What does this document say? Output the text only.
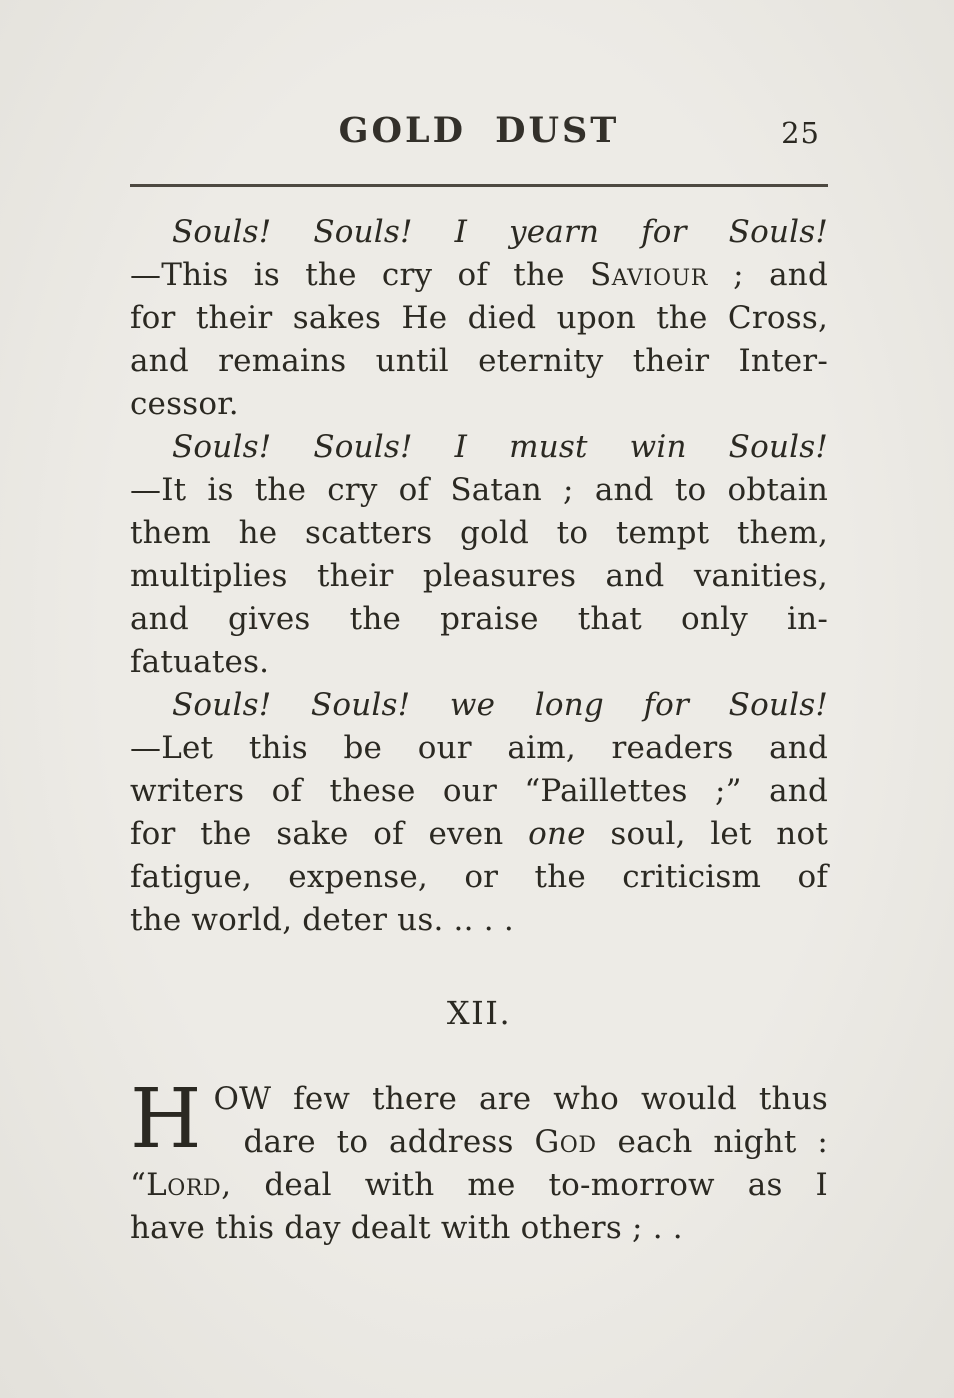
GOLD DUST	25
Souls! Souls! I yearn for Souls!
—This is the cry of the Saviour ; and
for their sakes He died upon the Cross,
and remains until eternity their Inter-
cessor.
Souls! Souls! I must win Souls!
—It is the cry of Satan ; and to obtain
them he scatters gold to tempt them,
multiplies their pleasures and vanities,
and gives the praise that only in-
fatuates.
Souls! Souls! we long for Souls!
—Let this be our aim, readers and
writers of these our “Paillettes ;” and
for the sake of even one soul, let not
fatigue, expense, or the criticism of
the world, deter us. .. . .
XII.
H OW few there are who would thus
dare to address God each night :
“Lord, deal with me to-morrow as I
have this day dealt with others ; . .
